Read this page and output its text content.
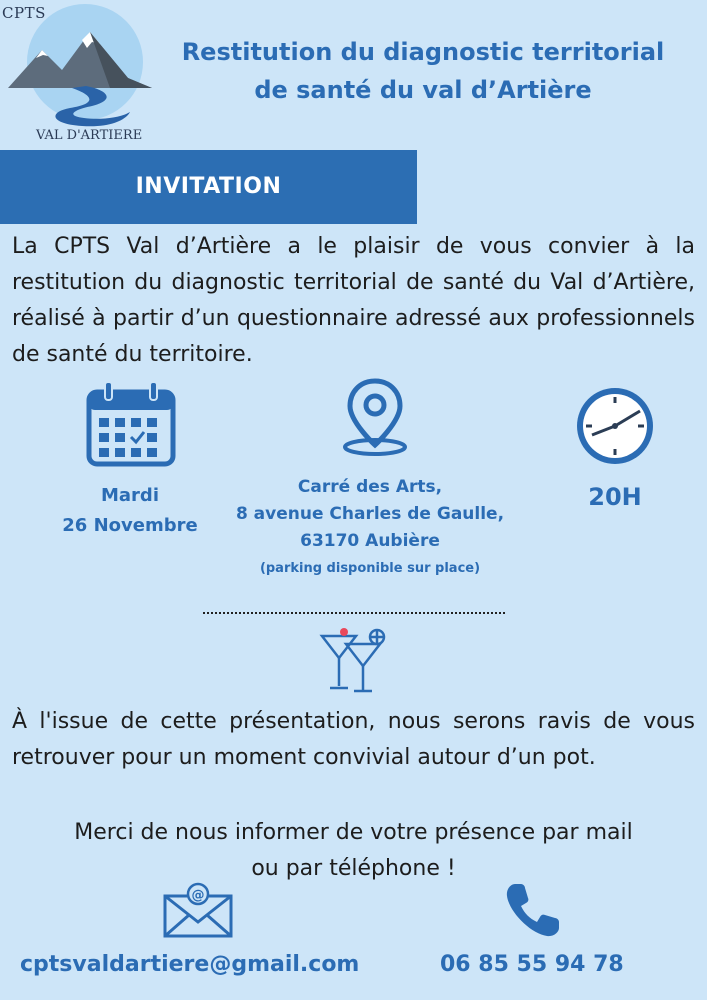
CPTS
VAL D'ARTIERE
Restitution du diagnostic territorial
de santé du val d’Artière
INVITATION
La CPTS Val d’Artière a le plaisir de vous convier à la restitution du diagnostic territorial de santé du Val d’Artière, réalisé à partir d’un questionnaire adressé aux professionnels de santé du territoire.
Mardi
26 Novembre
Carré des Arts,
8 avenue Charles de Gaulle,
63170 Aubière
(parking disponible sur place)
20H
À l'issue de cette présentation, nous serons ravis de vous retrouver pour un moment convivial autour d’un pot.
Merci de nous informer de votre présence par mail
ou par téléphone !
@
cptsvaldartiere@gmail.com	06 85 55 94 78
